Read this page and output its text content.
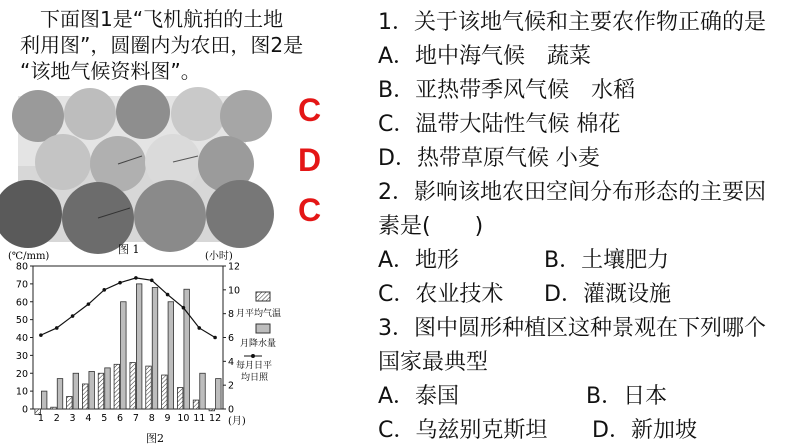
下面图1是“飞机航拍的土地

利用图”，圆圈内为农田，图2是

“该地气候资料图”。

C
D
C
图 1
(℃/mm)	(小时)
0
10
20
30
40
50
60
70
80
0
2
4
6
8
10
12
1 2 3 4 5 6 7 8 9 10 11 12 (月)
图2
月平均气温
月降水量
每月日平
均日照
1．关于该地气候和主要农作物正确的是
A．地中海气候　蔬菜
B．亚热带季风气候　水稻
C．温带大陆性气候 棉花
D．热带草原气候 小麦
2．影响该地农田空间分布形态的主要因
素是(　　)
A．地形	B．土壤肥力
C．农业技术 D．灌溉设施
3．图中圆形种植区这种景观在下列哪个
国家最典型
A．泰国	B．日本
C．乌兹别克斯坦 D．新加坡
